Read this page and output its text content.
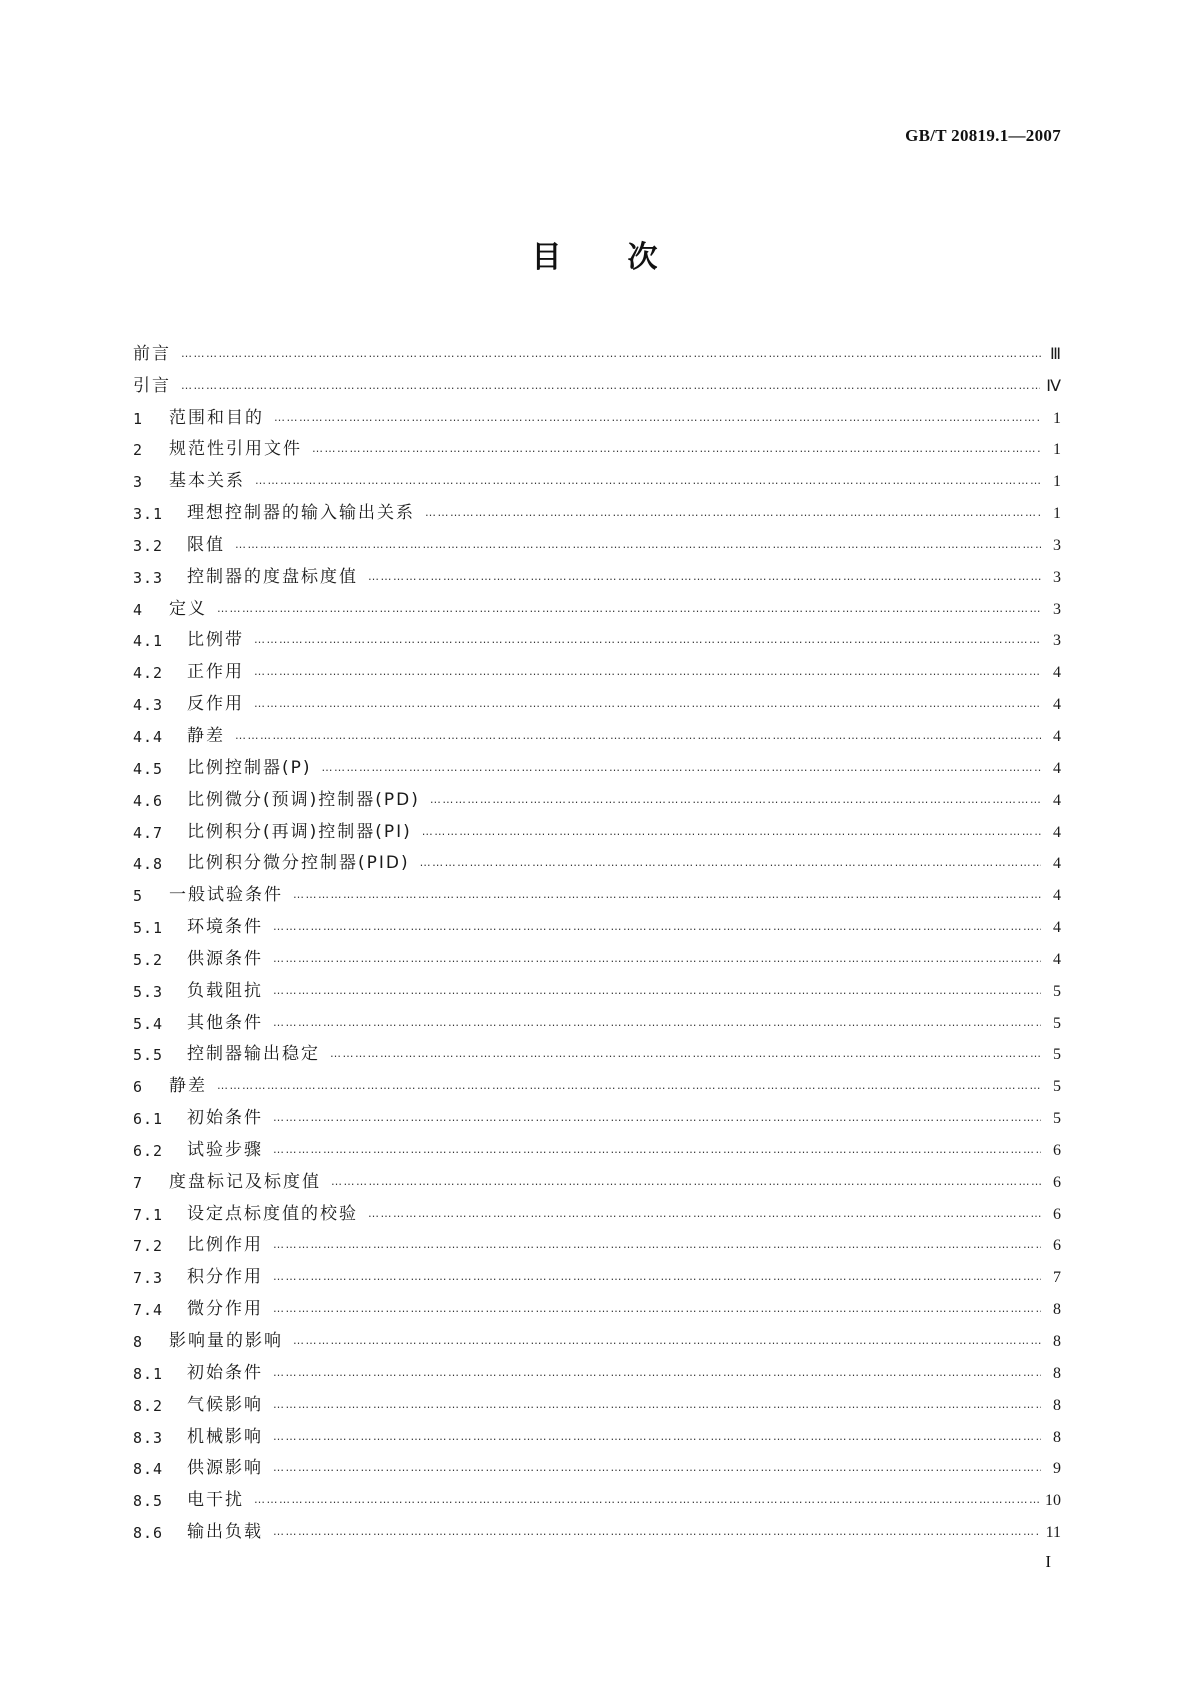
GB/T 20819.1—2007
目　　次
前言 …………………………………………………………………………………………………………………………………………………………………………………………………………	Ⅲ
引言 …………………………………………………………………………………………………………………………………………………………………………………………………………	Ⅳ
1	范围和目的 …………………………………………………………………………………………………………………………………………………………………………………………………………	1
2	规范性引用文件 …………………………………………………………………………………………………………………………………………………………………………………………………………	1
3	基本关系 …………………………………………………………………………………………………………………………………………………………………………………………………………	1
3.1	理想控制器的输入输出关系 …………………………………………………………………………………………………………………………………………………………………………………………………………	1
3.2	限值 …………………………………………………………………………………………………………………………………………………………………………………………………………	3
3.3	控制器的度盘标度值 …………………………………………………………………………………………………………………………………………………………………………………………………………	3
4	定义 …………………………………………………………………………………………………………………………………………………………………………………………………………	3
4.1	比例带 …………………………………………………………………………………………………………………………………………………………………………………………………………	3
4.2	正作用 …………………………………………………………………………………………………………………………………………………………………………………………………………	4
4.3	反作用 …………………………………………………………………………………………………………………………………………………………………………………………………………	4
4.4	静差 …………………………………………………………………………………………………………………………………………………………………………………………………………	4
4.5	比例控制器(P) …………………………………………………………………………………………………………………………………………………………………………………………………………	4
4.6	比例微分(预调)控制器(PD) …………………………………………………………………………………………………………………………………………………………………………………………………………	4
4.7	比例积分(再调)控制器(PI) …………………………………………………………………………………………………………………………………………………………………………………………………………	4
4.8	比例积分微分控制器(PID) …………………………………………………………………………………………………………………………………………………………………………………………………………	4
5	一般试验条件 …………………………………………………………………………………………………………………………………………………………………………………………………………	4
5.1	环境条件 …………………………………………………………………………………………………………………………………………………………………………………………………………	4
5.2	供源条件 …………………………………………………………………………………………………………………………………………………………………………………………………………	4
5.3	负载阻抗 …………………………………………………………………………………………………………………………………………………………………………………………………………	5
5.4	其他条件 …………………………………………………………………………………………………………………………………………………………………………………………………………	5
5.5	控制器输出稳定 …………………………………………………………………………………………………………………………………………………………………………………………………………	5
6	静差 …………………………………………………………………………………………………………………………………………………………………………………………………………	5
6.1	初始条件 …………………………………………………………………………………………………………………………………………………………………………………………………………	5
6.2	试验步骤 …………………………………………………………………………………………………………………………………………………………………………………………………………	6
7	度盘标记及标度值 …………………………………………………………………………………………………………………………………………………………………………………………………………	6
7.1	设定点标度值的校验 …………………………………………………………………………………………………………………………………………………………………………………………………………	6
7.2	比例作用 …………………………………………………………………………………………………………………………………………………………………………………………………………	6
7.3	积分作用 …………………………………………………………………………………………………………………………………………………………………………………………………………	7
7.4	微分作用 …………………………………………………………………………………………………………………………………………………………………………………………………………	8
8	影响量的影响 …………………………………………………………………………………………………………………………………………………………………………………………………………	8
8.1	初始条件 …………………………………………………………………………………………………………………………………………………………………………………………………………	8
8.2	气候影响 …………………………………………………………………………………………………………………………………………………………………………………………………………	8
8.3	机械影响 …………………………………………………………………………………………………………………………………………………………………………………………………………	8
8.4	供源影响 …………………………………………………………………………………………………………………………………………………………………………………………………………	9
8.5	电干扰 …………………………………………………………………………………………………………………………………………………………………………………………………………	10
8.6	输出负载 …………………………………………………………………………………………………………………………………………………………………………………………………………	11
I
